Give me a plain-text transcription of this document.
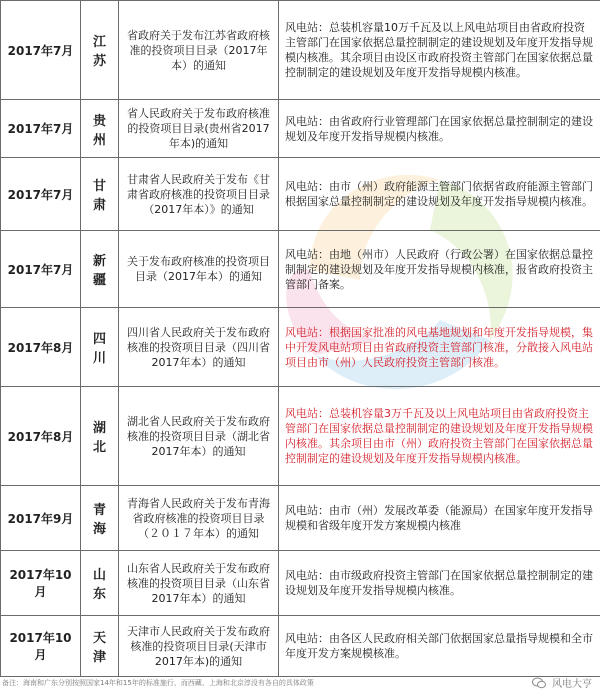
2017年7月	江苏	省政府关于发布江苏省政府核准的投资项目目录（2017年本）的通知	风电站：总装机容量10万千瓦及以上风电站项目由省政府投资主管部门在国家依据总量控制制定的建设规划及年度开发指导规模内核准。其余项目由设区市政府投资主管部门在国家依据总量控制制定的建设规划及年度开发指导规模内核准。
2017年7月	贵州	省人民政府关于发布政府核准的投资项目目录(贵州省2017年本)的通知	风电站：由省政府行业管理部门在国家依据总量控制制定的建设规划及年度开发指导规模内核准。
2017年7月	甘肃	甘肃省人民政府关于发布《甘肃省政府核准的投资项目目录（2017年本）》的通知	风电站：由市（州）政府能源主管部门依据省政府能源主管部门根据国家总量控制制定的建设规划及年度开发指导规模内核准。
2017年7月	新疆	关于发布政府核准的投资项目目录（2017年本）的通知	风电站：由地（州市）人民政府（行政公署）在国家依据总量控制制定的建设规划及年度开发指导规模内核准，报省政府投资主管部门备案。
2017年8月	四川	四川省人民政府关于发布政府核准的投资项目目录（四川省2017年本）的通知	风电站：根据国家批准的风电基地规划和年度开发指导规模，集中开发风电站项目由省政府投资主管部门核准，分散接入风电站项目由市（州）人民政府投资主管部门核准。
2017年8月	湖北	湖北省人民政府关于发布政府核准的投资项目目录（湖北省2017年本）的通知	风电站：总装机容量3万千瓦及以上风电站项目由省政府投资主管部门在国家依据总量控制制定的建设规划及年度开发指导规模内核准。其余项目由市（州）政府投资主管部门在国家依据总量控制制定的建设规划及年度开发指导规模内核准。
2017年9月	青海	青海省人民政府关于发布青海省政府核准的投资项目目录（２０１７年本）的通知	风电站：由市（州）发展改革委（能源局）在国家年度开发指导规模和省级年度开发方案规模内核准
2017年10月	山东	山东省人民政府关于发布政府核准的投资项目目录（山东省2017年本）的通知	风电站：由市级政府投资主管部门在国家依据总量控制制定的建设规划及年度开发指导规模内核准。
2017年10月	天津	天津市人民政府关于发布政府核准的投资项目目录(天津市2017年本)的通知	风电站：由各区人民政府相关部门依据国家总量指导规模和全市年度开发方案规模核准。
备注：海南和广东分别按照国家14年和15年的标准施行，而西藏、上海和北京淳没有各自的具体政策	风电大亨
